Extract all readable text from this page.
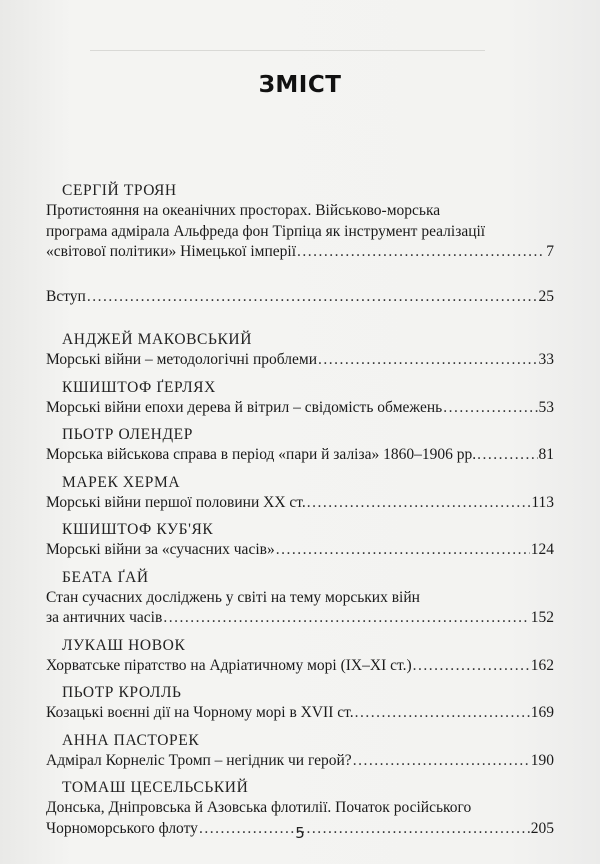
ЗМІСТ
СЕРГІЙ ТРОЯН
Протистояння на океанічних просторах. Військово-морська
програма адмірала Альфреда фон Тірпіца як інструмент реалізації
«світової політики» Німецької імперії .....	7
Вступ .....	25
АНДЖЕЙ МАКОВСЬКИЙ
Морські війни – методологічні проблеми .....	33
КШИШТОФ ҐЕРЛЯХ
Морські війни епохи дерева й вітрил – свідомість обмежень .....	53
ПЬОТР ОЛЕНДЕР
Морська військова справа в період «пари й заліза» 1860–1906 рр. .....	81
МАРЕК ХЕРМА
Морські війни першої половини ХХ ст. .....	113
КШИШТОФ КУБ'ЯК
Морські війни за «сучасних часів» .....	124
БЕАТА ҐАЙ
Стан сучасних досліджень у світі на тему морських війн
за античних часів .....	152
ЛУКАШ НОВОК
Хорватське піратство на Адріатичному морі (IX–XI ст.) .....	162
ПЬОТР КРОЛЛЬ
Козацькі воєнні дії на Чорному морі в XVII ст. .....	169
АННА ПАСТОРЕК
Адмірал Корнеліс Тромп – негідник чи герой? .....	190
ТОМАШ ЦЕСЕЛЬСЬКИЙ
Донська, Дніпровська й Азовська флотилії. Початок російського
Чорноморського флоту .....	205
5
